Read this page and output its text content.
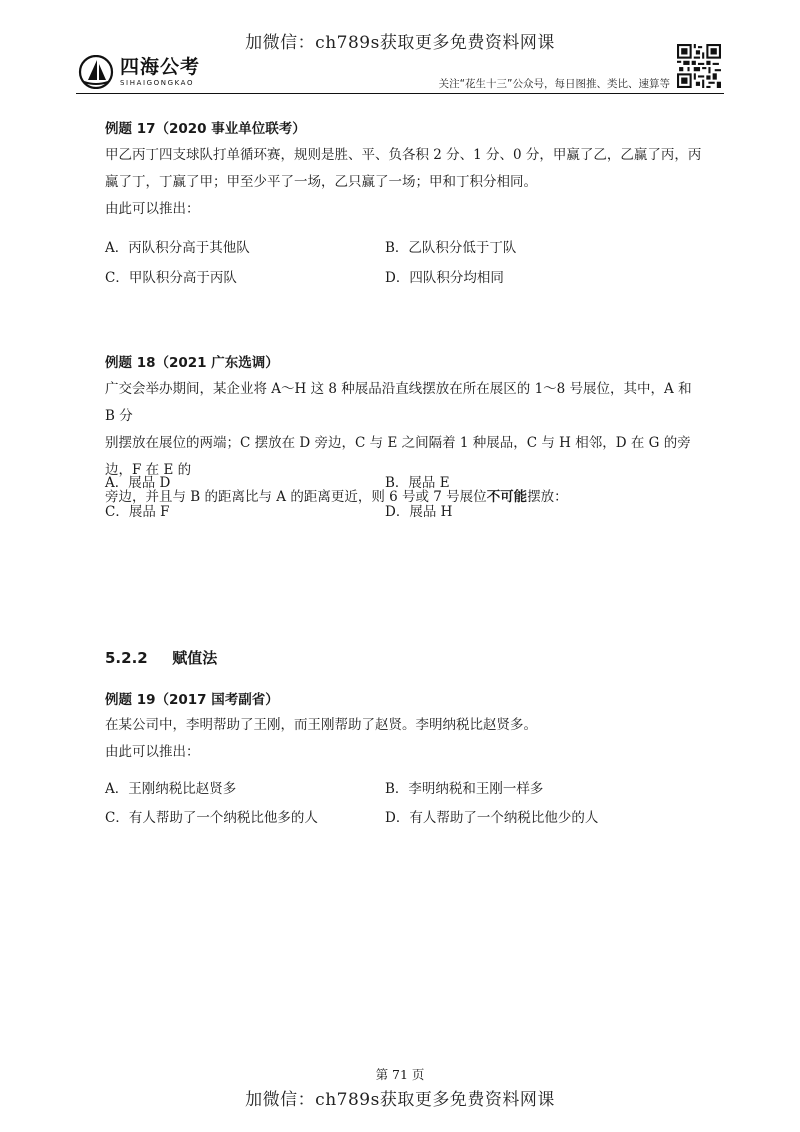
加微信：ch789s获取更多免费资料网课
四海公考
SIHAIGONGKAO	关注“花生十三”公众号，每日图推、类比、速算等
例题 17（2020 事业单位联考）
甲乙丙丁四支球队打单循环赛，规则是胜、平、负各积 2 分、1 分、0 分，甲赢了乙，乙赢了丙，丙
赢了丁，丁赢了甲；甲至少平了一场，乙只赢了一场；甲和丁积分相同。
由此可以推出：
A．丙队积分高于其他队	B．乙队积分低于丁队
C．甲队积分高于丙队	D．四队积分均相同
例题 18（2021 广东选调）
广交会举办期间，某企业将 A～H 这 8 种展品沿直线摆放在所在展区的 1～8 号展位，其中，A 和 B 分
别摆放在展位的两端；C 摆放在 D 旁边，C 与 E 之间隔着 1 种展品，C 与 H 相邻，D 在 G 的旁边，F 在 E 的
旁边，并且与 B 的距离比与 A 的距离更近，则 6 号或 7 号展位不可能摆放：
A．展品 D	B．展品 E
C．展品 F	D．展品 H
5.2.2 赋值法
例题 19（2017 国考副省）
在某公司中，李明帮助了王刚，而王刚帮助了赵贤。李明纳税比赵贤多。
由此可以推出：
A．王刚纳税比赵贤多	B．李明纳税和王刚一样多
C．有人帮助了一个纳税比他多的人	D．有人帮助了一个纳税比他少的人
第 71 页
加微信：ch789s获取更多免费资料网课
